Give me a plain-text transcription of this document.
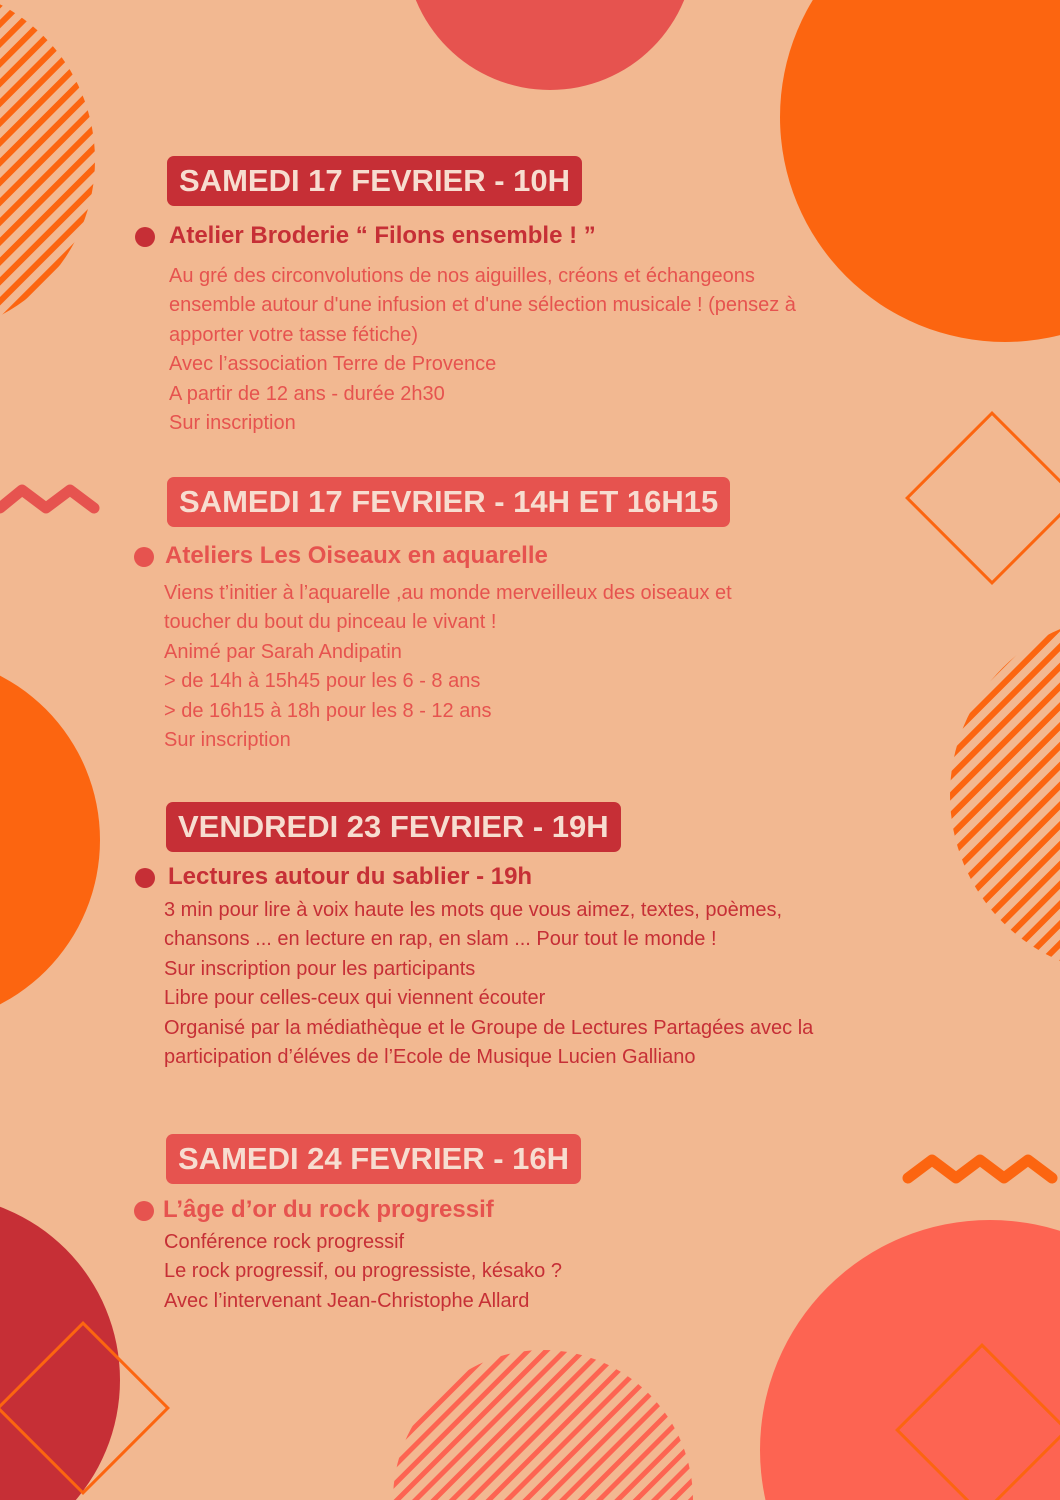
SAMEDI 17 FEVRIER - 10H
Atelier Broderie “ Filons ensemble ! ”
Au gré des circonvolutions de nos aiguilles, créons et échangeons
ensemble autour d'une infusion et d'une sélection musicale ! (pensez à
apporter votre tasse fétiche)
Avec l’association Terre de Provence
A partir de 12 ans - durée 2h30
Sur inscription
SAMEDI 17 FEVRIER - 14H ET 16H15
Ateliers Les Oiseaux en aquarelle
Viens t’initier à l’aquarelle ,au monde merveilleux des oiseaux et
toucher du bout du pinceau le vivant !
Animé par Sarah Andipatin
> de 14h à 15h45 pour les 6 - 8 ans
> de 16h15 à 18h pour les 8 - 12 ans
Sur inscription
VENDREDI 23 FEVRIER - 19H
Lectures autour du sablier - 19h
3 min pour lire à voix haute les mots que vous aimez, textes, poèmes,
chansons ... en lecture en rap, en slam ... Pour tout le monde !
Sur inscription pour les participants
Libre pour celles-ceux qui viennent écouter
Organisé par la médiathèque et le Groupe de Lectures Partagées avec la
participation d’éléves de l’Ecole de Musique Lucien Galliano
SAMEDI 24 FEVRIER - 16H
L’âge d’or du rock progressif
Conférence rock progressif
Le rock progressif, ou progressiste, késako ?
Avec l’intervenant Jean-Christophe Allard
